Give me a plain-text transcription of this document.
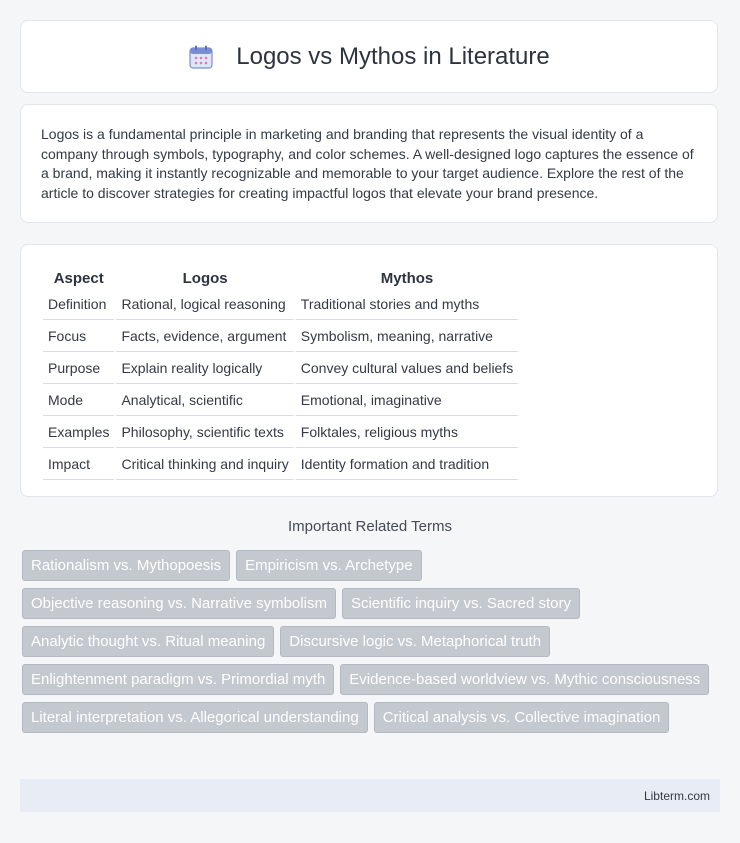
Logos vs Mythos in Literature

Logos is a fundamental principle in marketing and branding that represents the visual identity of a company through symbols, typography, and color schemes. A well-designed logo captures the essence of a brand, making it instantly recognizable and memorable to your target audience. Explore the rest of the article to discover strategies for creating impactful logos that elevate your brand presence.

Aspect	Logos	Mythos
Definition	Rational, logical reasoning	Traditional stories and myths
Focus	Facts, evidence, argument	Symbolism, meaning, narrative
Purpose	Explain reality logically	Convey cultural values and beliefs
Mode	Analytical, scientific	Emotional, imaginative
Examples	Philosophy, scientific texts	Folktales, religious myths
Impact	Critical thinking and inquiry	Identity formation and tradition
Important Related Terms
Rationalism vs. Mythopoesis	Empiricism vs. Archetype
Objective reasoning vs. Narrative symbolism	Scientific inquiry vs. Sacred story
Analytic thought vs. Ritual meaning	Discursive logic vs. Metaphorical truth
Enlightenment paradigm vs. Primordial myth	Evidence-based worldview vs. Mythic consciousness
Literal interpretation vs. Allegorical understanding	Critical analysis vs. Collective imagination
Libterm.com
